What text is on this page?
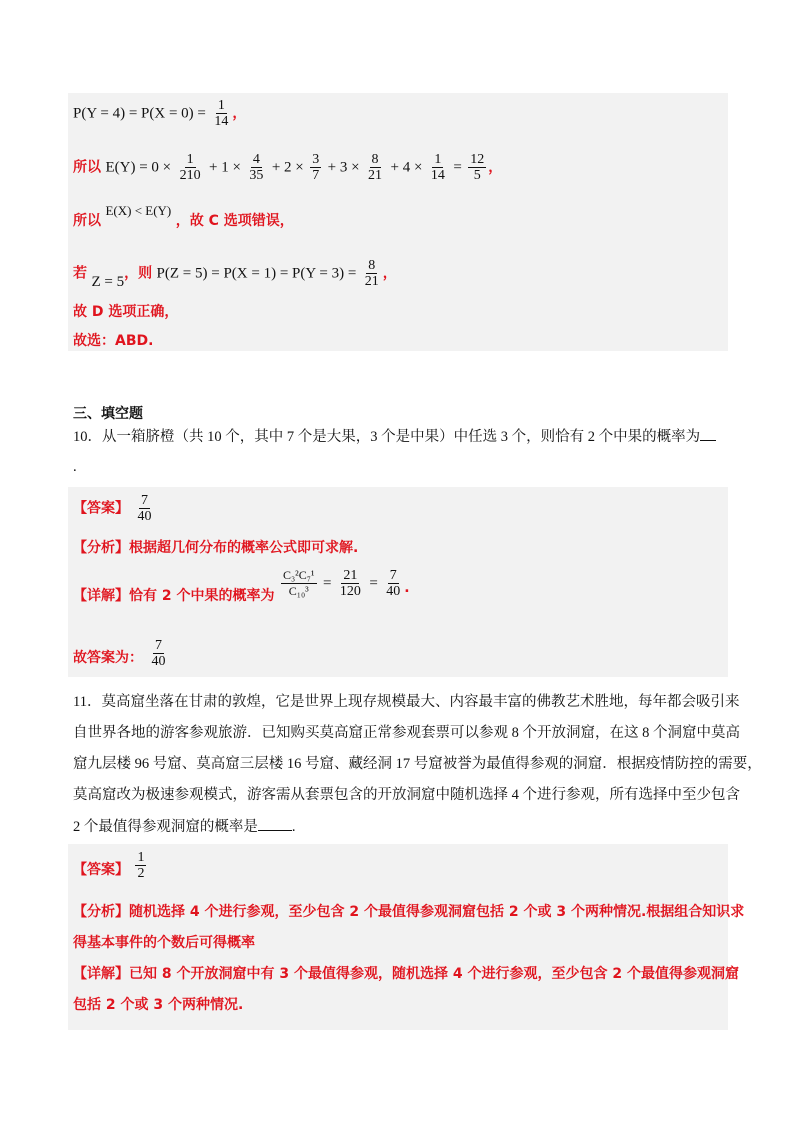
$P(Y = 4) = P(X = 0) = \frac{1}{14}$ ，
所以 $E(Y) = 0 \times \frac{1}{210} + 1 \times \frac{4}{35} + 2 \times \frac{3}{7} + 3 \times \frac{8}{21} + 4 \times \frac{1}{14} = \frac{12}{5}$ ，
所以 E(X) < E(Y) ，故 C 选项错误，
若 Z = 5，则 $P(Z = 5) = P(X = 1) = P(Y = 3) = \frac{8}{21}$ ，
故 D 选项正确，
故选：ABD.
三、填空题
10．从一箱脐橙（共 10 个，其中 7 个是大果，3 个是中果）中任选 3 个，则恰有 2 个中果的概率为
.
【答案】 $\frac{7}{40}$
【分析】根据超几何分布的概率公式即可求解.
【详解】恰有 2 个中果的概率为 $\frac{\text{C₃²C₇¹}}{\text{C₁₀³}} = \frac{21}{120} = \frac{7}{40}$ .
故答案为： $\frac{7}{40}$
11．莫高窟坐落在甘肃的敦煌，它是世界上现存规模最大、内容最丰富的佛教艺术胜地，每年都会吸引来
自世界各地的游客参观旅游．已知购买莫高窟正常参观套票可以参观 8 个开放洞窟，在这 8 个洞窟中莫高
窟九层楼 96 号窟、莫高窟三层楼 16 号窟、藏经洞 17 号窟被誉为最值得参观的洞窟．根据疫情防控的需要，
莫高窟改为极速参观模式，游客需从套票包含的开放洞窟中随机选择 4 个进行参观，所有选择中至少包含
2 个最值得参观洞窟的概率是 .
【答案】 $\frac{1}{2}$
【分析】随机选择 4 个进行参观，至少包含 2 个最值得参观洞窟包括 2 个或 3 个两种情况.根据组合知识求
得基本事件的个数后可得概率
【详解】已知 8 个开放洞窟中有 3 个最值得参观，随机选择 4 个进行参观，至少包含 2 个最值得参观洞窟
包括 2 个或 3 个两种情况.
